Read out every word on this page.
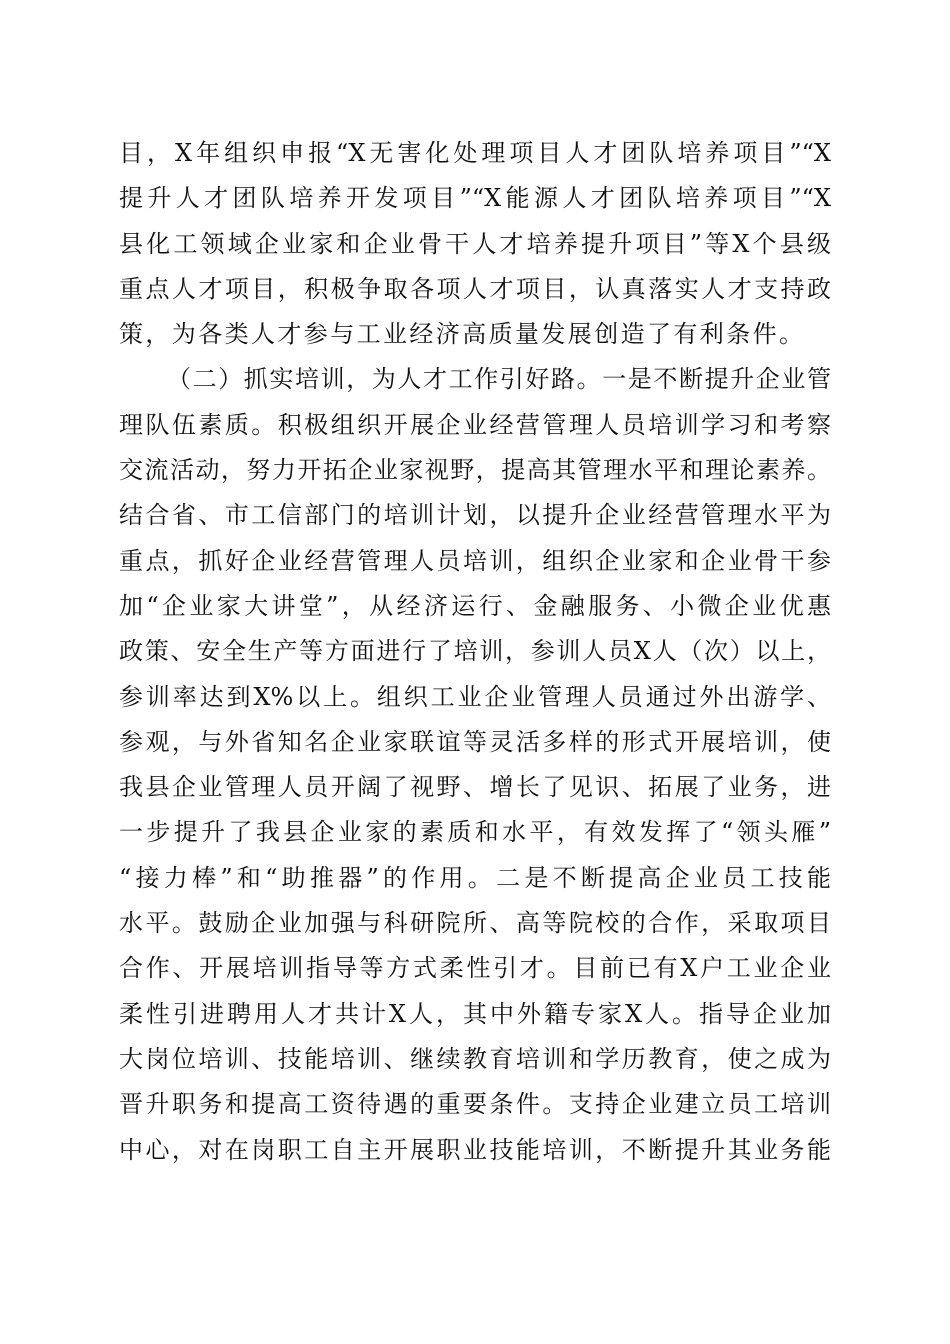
目，X年组织申报“X无害化处理项目人才团队培养项目”“X
提升人才团队培养开发项目”“X能源人才团队培养项目”“X
县化工领域企业家和企业骨干人才培养提升项目”等X个县级
重点人才项目，积极争取各项人才项目，认真落实人才支持政
策，为各类人才参与工业经济高质量发展创造了有利条件。
（二）抓实培训，为人才工作引好路。一是不断提升企业管
理队伍素质。积极组织开展企业经营管理人员培训学习和考察
交流活动，努力开拓企业家视野，提高其管理水平和理论素养。
结合省、市工信部门的培训计划，以提升企业经营管理水平为
重点，抓好企业经营管理人员培训，组织企业家和企业骨干参
加“企业家大讲堂”，从经济运行、金融服务、小微企业优惠
政策、安全生产等方面进行了培训，参训人员X人（次）以上，
参训率达到X%以上。组织工业企业管理人员通过外出游学、
参观，与外省知名企业家联谊等灵活多样的形式开展培训，使
我县企业管理人员开阔了视野、增长了见识、拓展了业务，进
一步提升了我县企业家的素质和水平，有效发挥了“领头雁”
“接力棒”和“助推器”的作用。二是不断提高企业员工技能
水平。鼓励企业加强与科研院所、高等院校的合作，采取项目
合作、开展培训指导等方式柔性引才。目前已有X户工业企业
柔性引进聘用人才共计X人，其中外籍专家X人。指导企业加
大岗位培训、技能培训、继续教育培训和学历教育，使之成为
晋升职务和提高工资待遇的重要条件。支持企业建立员工培训
中心，对在岗职工自主开展职业技能培训，不断提升其业务能
